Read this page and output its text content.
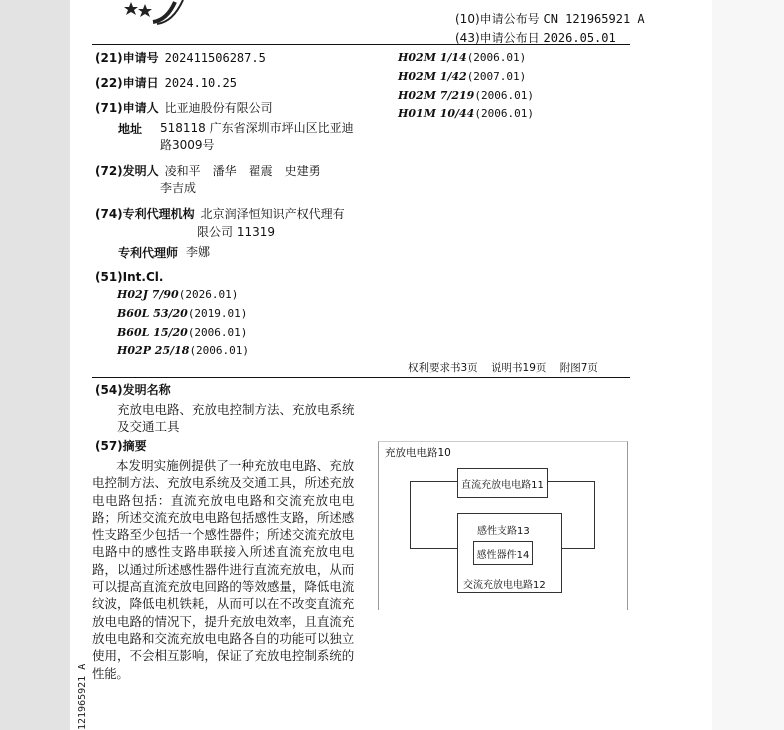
(10)申请公布号 CN 121965921 A
(43)申请公布日 2026.05.01
(21)申请号 202411506287.5
(22)申请日 2024.10.25
(71)申请人 比亚迪股份有限公司
地址 518118 广东省深圳市坪山区比亚迪
路3009号
(72)发明人 凌和平　潘华　翟震　史建勇
李吉成
(74)专利代理机构 北京润泽恒知识产权代理有
限公司 11319
专利代理师 李娜
(51)Int.Cl.
H02J 7/90(2026.01)
B60L 53/20(2019.01)
B60L 15/20(2006.01)
H02P 25/18(2006.01)
H02M 1/14(2006.01)
H02M 1/42(2007.01)
H02M 7/219(2006.01)
H01M 10/44(2006.01)
权利要求书3页 说明书19页 附图7页
(54)发明名称
充放电电路、充放电控制方法、充放电系统及交通工具
(57)摘要
本发明实施例提供了一种充放电电路、充放电控制方法、充放电系统及交通工具，所述充放电电路包括：直流充放电电路和交流充放电电路；所述交流充放电电路包括感性支路，所述感性支路至少包括一个感性器件；所述交流充放电电路中的感性支路串联接入所述直流充放电电路，以通过所述感性器件进行直流充放电，从而可以提高直流充放电回路的等效感量，降低电流纹波，降低电机铁耗，从而可以在不改变直流充放电电路的情况下，提升充放电效率，且直流充放电电路和交流充放电电路各自的功能可以独立使用，不会相互影响，保证了充放电控制系统的性能。
121965921 A
充放电电路10
直流充放电电路11
交流充放电电路12
感性支路13
感性器件14
